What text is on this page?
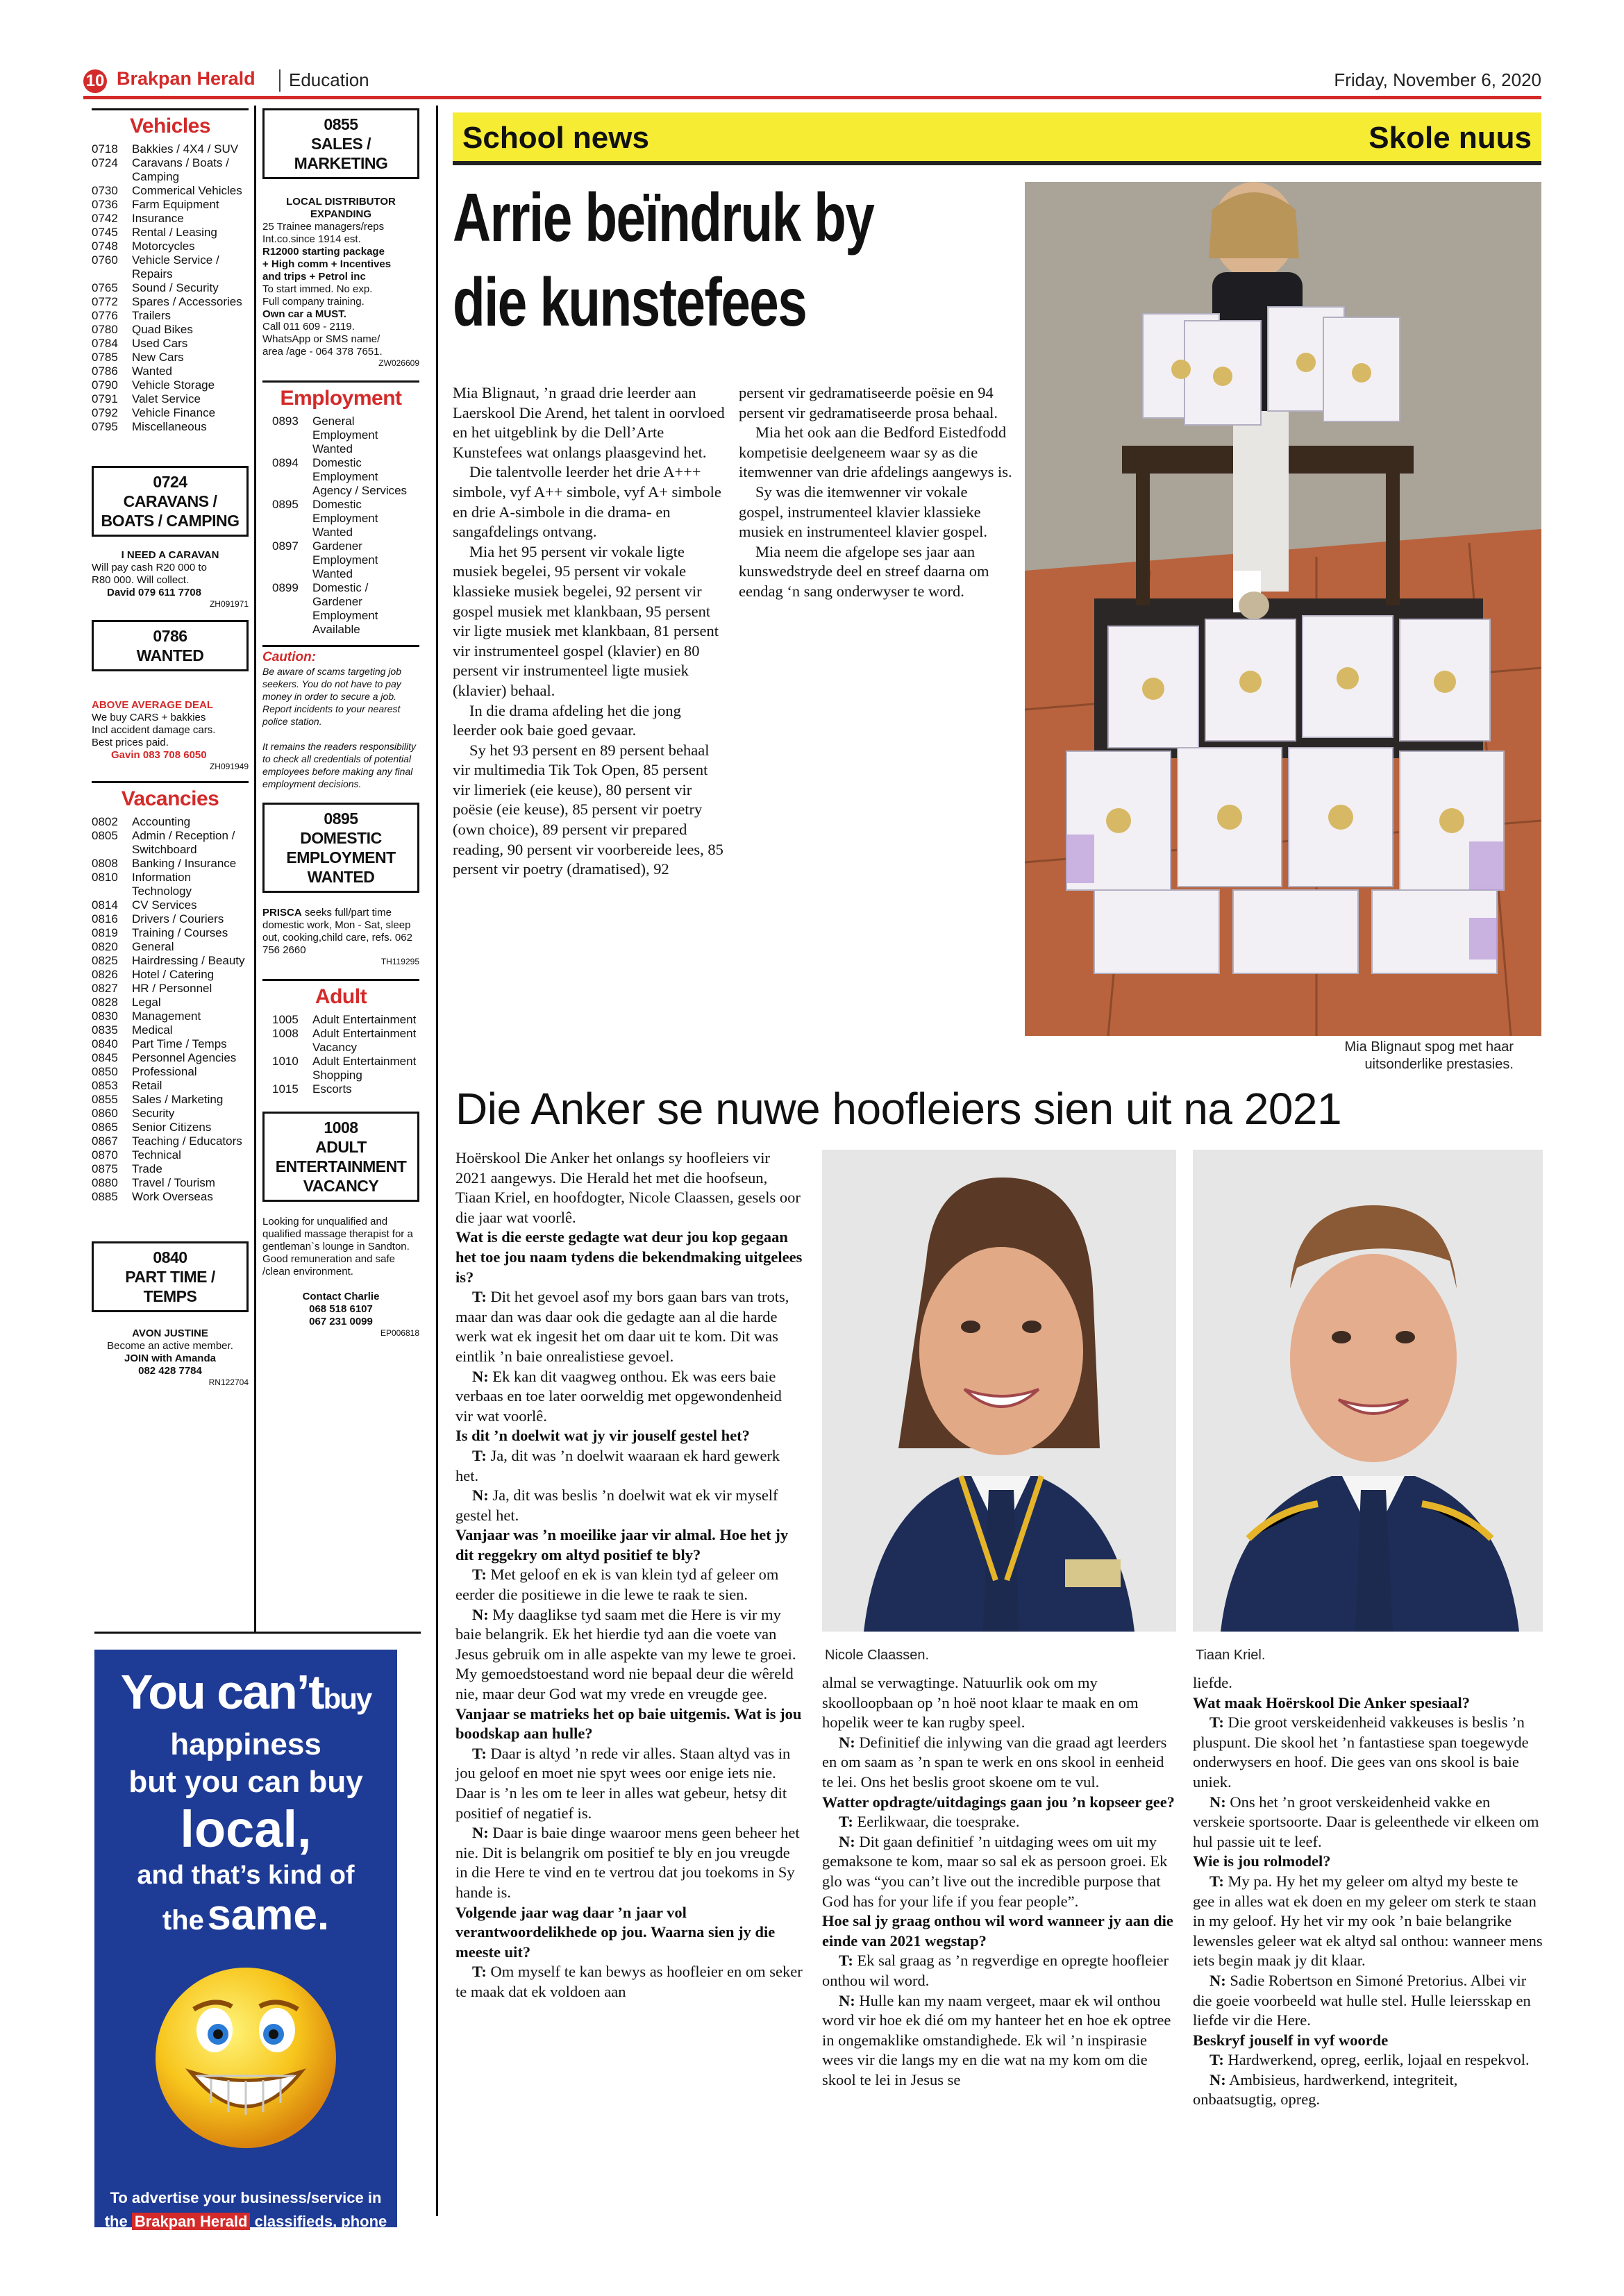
10 Brakpan Herald Education	Friday, November 6, 2020
Vehicles
0718	Bakkies / 4X4 / SUV
0724	Caravans / Boats / Camping
0730	Commerical Vehicles
0736	Farm Equipment
0742	Insurance
0745	Rental / Leasing
0748	Motorcycles
0760	Vehicle Service / Repairs
0765	Sound / Security
0772	Spares / Accessories
0776	Trailers
0780	Quad Bikes
0784	Used Cars
0785	New Cars
0786	Wanted
0790	Vehicle Storage
0791	Valet Service
0792	Vehicle Finance
0795	Miscellaneous
0724
CARAVANS / BOATS / CAMPING
I NEED A CARAVAN
Will pay cash R20 000 to
R80 000. Will collect.
David 079 611 7708
ZH091971
0786
WANTED
ABOVE AVERAGE DEAL
We buy CARS + bakkies
Incl accident damage cars.
Best prices paid.
Gavin 083 708 6050
ZH091949
Vacancies
0802	Accounting
0805	Admin / Reception / Switchboard
0808	Banking / Insurance
0810	Information Technology
0814	CV Services
0816	Drivers / Couriers
0819	Training / Courses
0820	General
0825	Hairdressing / Beauty
0826	Hotel / Catering
0827	HR / Personnel
0828	Legal
0830	Management
0835	Medical
0840	Part Time / Temps
0845	Personnel Agencies
0850	Professional
0853	Retail
0855	Sales / Marketing
0860	Security
0865	Senior Citizens
0867	Teaching / Educators
0870	Technical
0875	Trade
0880	Travel / Tourism
0885	Work Overseas
0840
PART TIME / TEMPS
AVON JUSTINE
Become an active member.
JOIN with Amanda
082 428 7784
RN122704
0855
SALES / MARKETING
LOCAL DISTRIBUTOR
EXPANDING
25 Trainee managers/reps
Int.co.since 1914 est.
R12000 starting package
+ High comm + Incentives
and trips + Petrol inc
To start immed. No exp.
Full company training.
Own car a MUST.
Call 011 609 - 2119.
WhatsApp or SMS name/
area /age - 064 378 7651.
ZW026609
Employment
0893	General Employment Wanted
0894	Domestic Employment Agency / Services
0895	Domestic Employment Wanted
0897	Gardener Employment Wanted
0899	Domestic / Gardener Employment Available
Caution:
Be aware of scams targeting job seekers. You do not have to pay money in order to secure a job. Report incidents to your nearest police station.
It remains the readers responsibility to check all credentials of potential employees before making any final employment decisions.
0895
DOMESTIC EMPLOYMENT WANTED
PRISCA seeks full/part time domestic work, Mon - Sat, sleep out, cooking,child care, refs. 062 756 2660
TH119295
Adult
1005	Adult Entertainment
1008	Adult Entertainment Vacancy
1010	Adult Entertainment Shopping
1015	Escorts
1008
ADULT ENTERTAINMENT VACANCY
Looking for unqualified and qualified massage therapist for a gentleman`s lounge in Sandton. Good remuneration and safe /clean environment.
Contact Charlie
068 518 6107
067 231 0099
EP006818
You can’tbuy
happiness
but you can buy
local,
and that’s kind of
the same.
To advertise your business/service in
the Brakpan Herald classifieds, phone
011-916-5301 or 087-285-0575.
School news	Skole nuus
Arrie beïndruk by
die kunstefees

Mia Blignaut, ’n graad drie leerder aan Laerskool Die Arend, het talent in oorvloed en het uitgeblink by die Dell’Arte Kunstefees wat onlangs plaasgevind het.

Die talentvolle leerder het drie A+++ simbole, vyf A++ simbole, vyf A+ simbole en drie A-simbole in die drama- en sangafdelings ontvang.

Mia het 95 persent vir vokale ligte musiek begelei, 95 persent vir vokale klassieke musiek begelei, 92 persent vir gospel musiek met klankbaan, 95 persent vir ligte musiek met klankbaan, 81 persent vir instrumenteel gospel (klavier) en 80 persent vir instrumenteel ligte musiek (klavier) behaal.

In die drama afdeling het die jong leerder ook baie goed gevaar.

Sy het 93 persent en 89 persent behaal vir multimedia Tik Tok Open, 85 persent vir limeriek (eie keuse), 80 persent vir poësie (eie keuse), 85 persent vir poetry (own choice), 89 persent vir prepared reading, 90 persent vir voorbereide lees, 85 persent vir poetry (dramatised), 92

persent vir gedramatiseerde poësie en 94 persent vir gedramatiseerde prosa behaal.

Mia het ook aan die Bedford Eistedfodd kompetisie deelgeneem waar sy as die itemwenner van drie afdelings aangewys is.

Sy was die itemwenner vir vokale gospel, instrumenteel klavier klassieke musiek en instrumenteel klavier gospel.

Mia neem die afgelope ses jaar aan kunswedstryde deel en streef daarna om eendag ‘n sang onderwyser te word.

Mia Blignaut spog met haar
uitsonderlike prestasies.
Die Anker se nuwe hoofleiers sien uit na 2021

Hoërskool Die Anker het onlangs sy hoofleiers vir 2021 aangewys. Die Herald het met die hoofseun, Tiaan Kriel, en hoofdogter, Nicole Claassen, gesels oor die jaar wat voorlê.

Wat is die eerste gedagte wat deur jou kop gegaan het toe jou naam tydens die bekendmaking uitgelees is?

T: Dit het gevoel asof my bors gaan bars van trots, maar dan was daar ook die gedagte aan al die harde werk wat ek ingesit het om daar uit te kom. Dit was eintlik ’n baie onrealistiese gevoel.

N: Ek kan dit vaagweg onthou. Ek was eers baie verbaas en toe later oorweldig met opgewondenheid vir wat voorlê.

Is dit ’n doelwit wat jy vir jouself gestel het?

T: Ja, dit was ’n doelwit waaraan ek hard gewerk het.

N: Ja, dit was beslis ’n doelwit wat ek vir myself gestel het.

Vanjaar was ’n moeilike jaar vir almal. Hoe het jy dit reggekry om altyd positief te bly?

T: Met geloof en ek is van klein tyd af geleer om eerder die positiewe in die lewe te raak te sien.

N: My daaglikse tyd saam met die Here is vir my baie belangrik. Ek het hierdie tyd aan die voete van Jesus gebruik om in alle aspekte van my lewe te groei. My gemoedstoestand word nie bepaal deur die wêreld nie, maar deur God wat my vrede en vreugde gee.

Vanjaar se matrieks het op baie uitgemis. Wat is jou boodskap aan hulle?

T: Daar is altyd ’n rede vir alles. Staan altyd vas in jou geloof en moet nie spyt wees oor enige iets nie. Daar is ’n les om te leer in alles wat gebeur, hetsy dit positief of negatief is.

N: Daar is baie dinge waaroor mens geen beheer het nie. Dit is belangrik om positief te bly en jou vreugde in die Here te vind en te vertrou dat jou toekoms in Sy hande is.

Volgende jaar wag daar ’n jaar vol verantwoordelikhede op jou. Waarna sien jy die meeste uit?

T: Om myself te kan bewys as hoofleier en om seker te maak dat ek voldoen aan

Nicole Claassen.	Tiaan Kriel.

almal se verwagtinge. Natuurlik ook om my skoolloopbaan op ’n hoë noot klaar te maak en om hopelik weer te kan rugby speel.

N: Definitief die inlywing van die graad agt leerders en om saam as ’n span te werk en ons skool in eenheid te lei. Ons het beslis groot skoene om te vul.

Watter opdragte/uitdagings gaan jou ’n kopseer gee?

T: Eerlikwaar, die toesprake.

N: Dit gaan definitief ’n uitdaging wees om uit my gemaksone te kom, maar so sal ek as persoon groei. Ek glo was “you can’t live out the incredible purpose that God has for your life if you fear people”.

Hoe sal jy graag onthou wil word wanneer jy aan die einde van 2021 wegstap?

T: Ek sal graag as ’n regverdige en opregte hoofleier onthou wil word.

N: Hulle kan my naam vergeet, maar ek wil onthou word vir hoe ek dié om my hanteer het en hoe ek optree in ongemaklike omstandighede. Ek wil ’n inspirasie wees vir die langs my en die wat na my kom om die skool te lei in Jesus se

liefde.

Wat maak Hoërskool Die Anker spesiaal?

T: Die groot verskeidenheid vakkeuses is beslis ’n pluspunt. Die skool het ’n fantastiese span toegewyde onderwysers en hoof. Die gees van ons skool is baie uniek.

N: Ons het ’n groot verskeidenheid vakke en verskeie sportsoorte. Daar is geleenthede vir elkeen om hul passie uit te leef.

Wie is jou rolmodel?

T: My pa. Hy het my geleer om altyd my beste te gee in alles wat ek doen en my geleer om sterk te staan in my geloof. Hy het vir my ook ’n baie belangrike lewensles geleer wat ek altyd sal onthou: wanneer mens iets begin maak jy dit klaar.

N: Sadie Robertson en Simoné Pretorius. Albei vir die goeie voorbeeld wat hulle stel. Hulle leiersskap en liefde vir die Here.

Beskryf jouself in vyf woorde

T: Hardwerkend, opreg, eerlik, lojaal en respekvol.

N: Ambisieus, hardwerkend, integriteit, onbaatsugtig, opreg.
